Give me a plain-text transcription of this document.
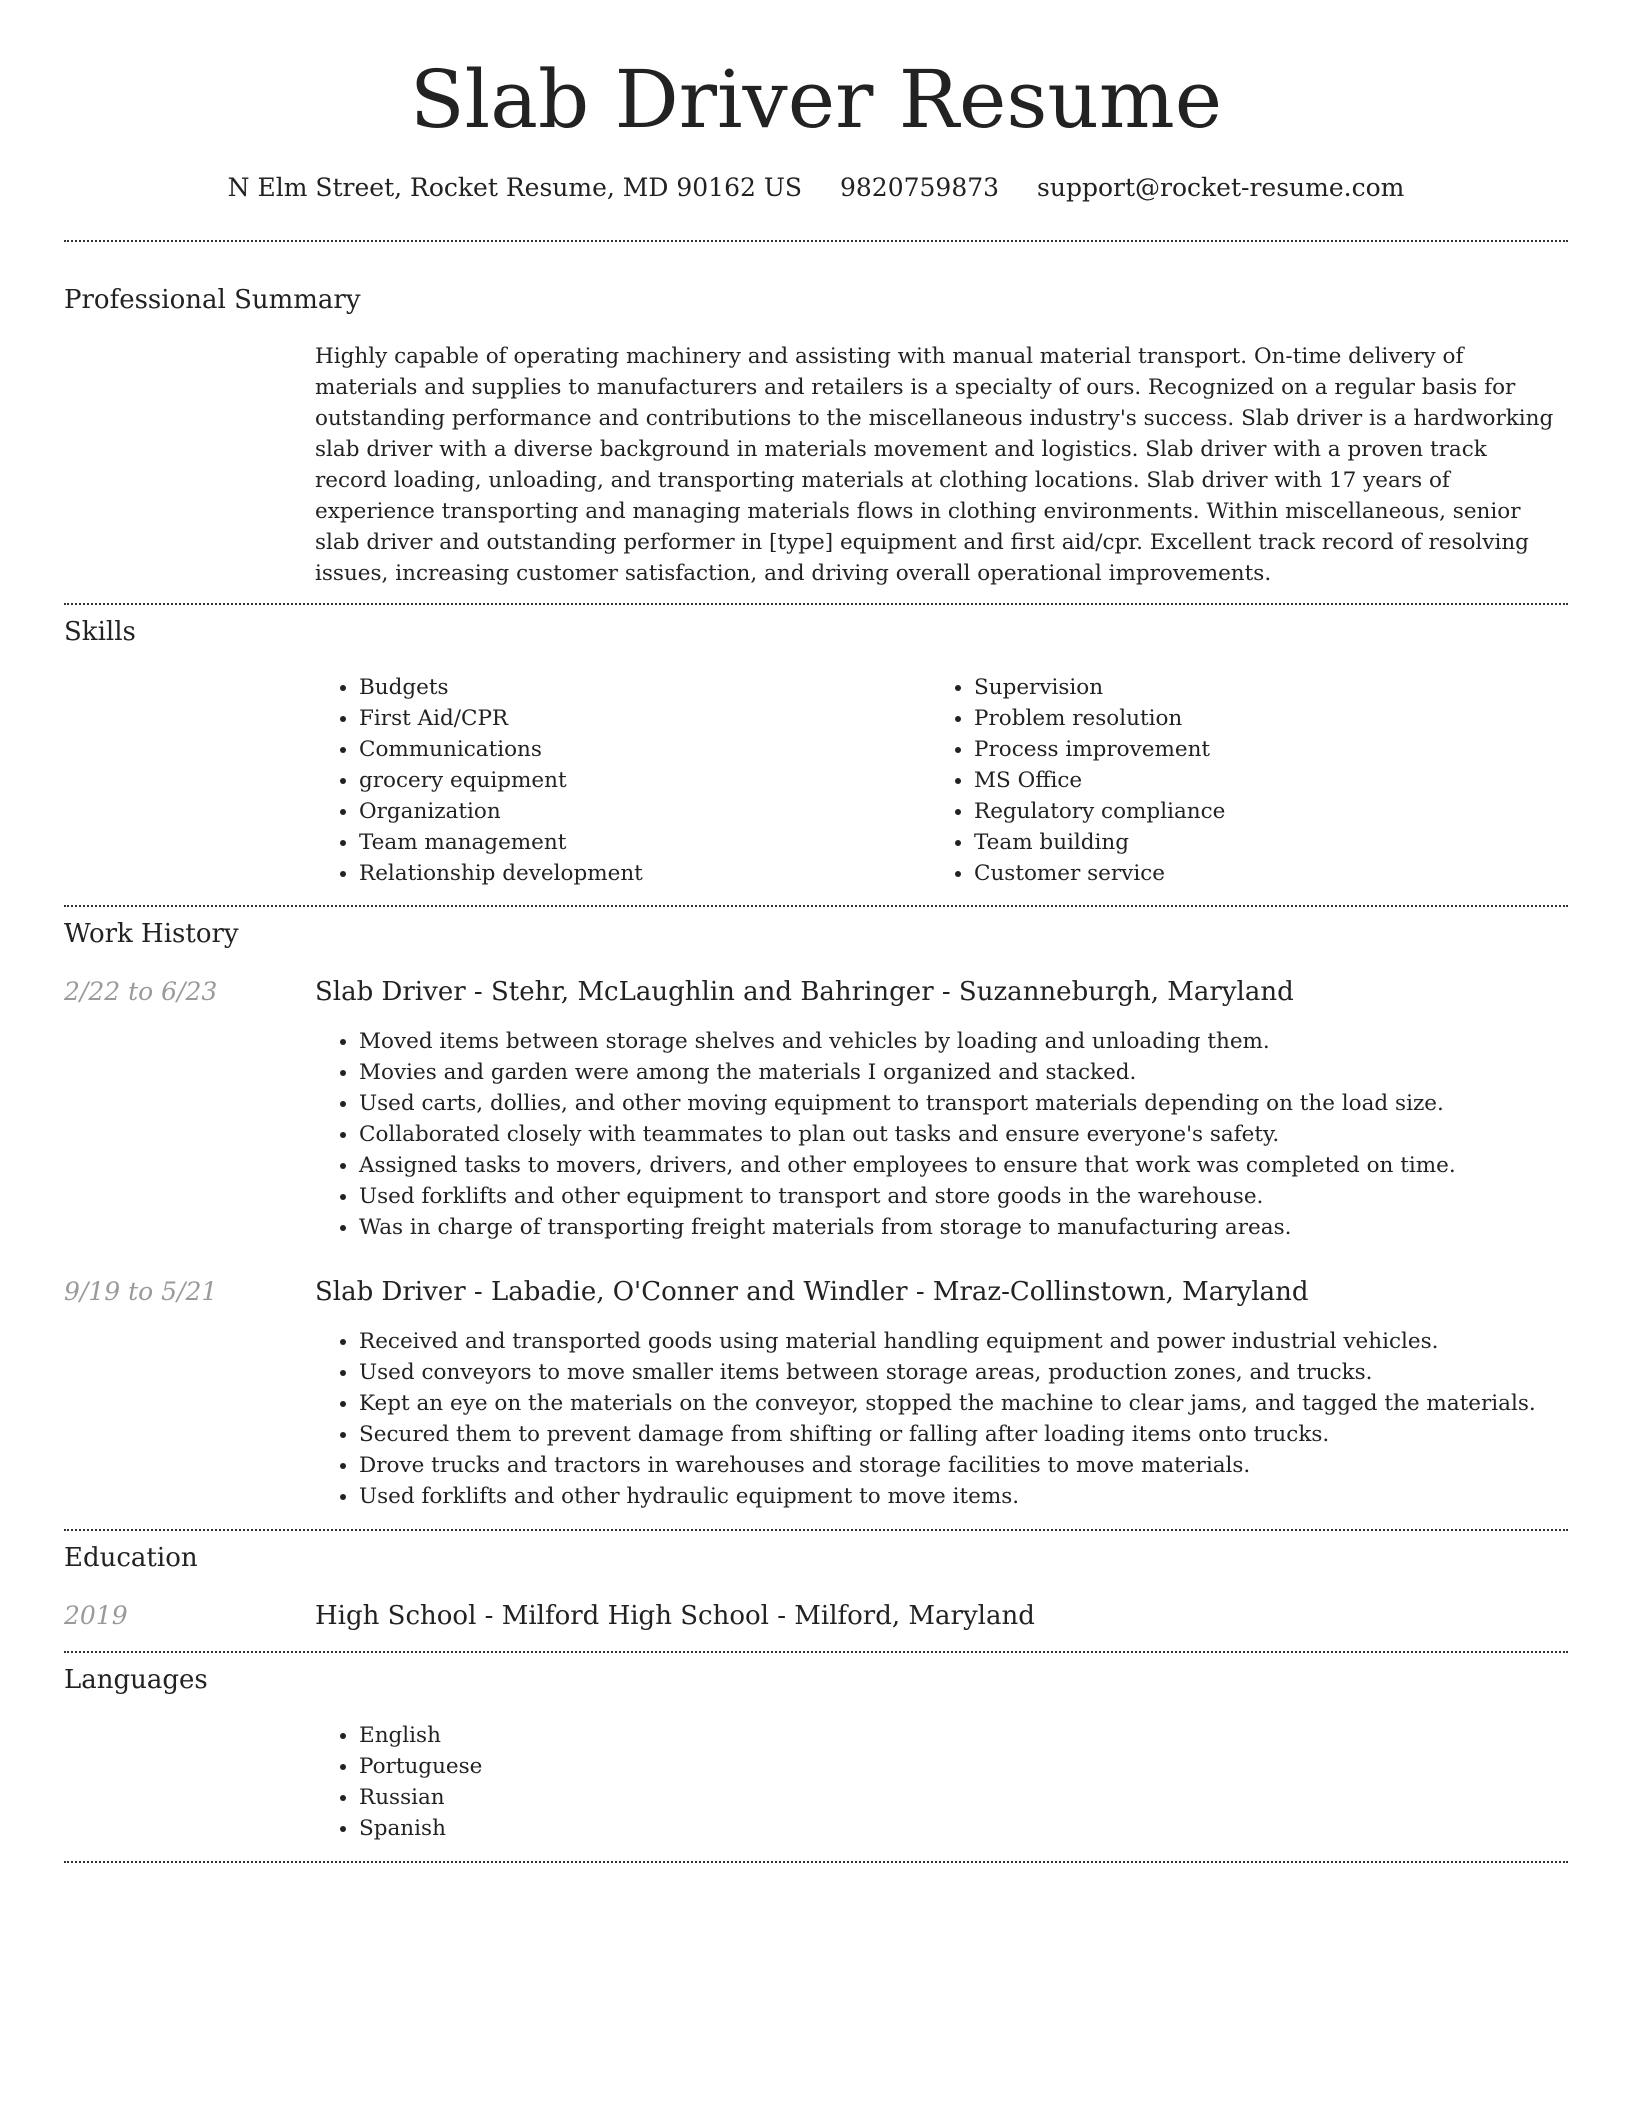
Slab Driver Resume
N Elm Street, Rocket Resume, MD 90162 US 9820759873 support@rocket-resume.com
Professional Summary

Highly capable of operating machinery and assisting with manual material transport. On-time delivery of materials and supplies to manufacturers and retailers is a specialty of ours. Recognized on a regular basis for outstanding performance and contributions to the miscellaneous industry's success. Slab driver is a hardworking slab driver with a diverse background in materials movement and logistics. Slab driver with a proven track record loading, unloading, and transporting materials at clothing locations. Slab driver with 17 years of experience transporting and managing materials flows in clothing environments. Within miscellaneous, senior slab driver and outstanding performer in [type] equipment and first aid/cpr. Excellent track record of resolving issues, increasing customer satisfaction, and driving overall operational improvements.

Skills
• Budgets
• First Aid/CPR
• Communications
• grocery equipment
• Organization
• Team management
• Relationship development
• Supervision
• Problem resolution
• Process improvement
• MS Office
• Regulatory compliance
• Team building
• Customer service
Work History
2/22 to 6/23	Slab Driver - Stehr, McLaughlin and Bahringer - Suzanneburgh, Maryland
• Moved items between storage shelves and vehicles by loading and unloading them.
• Movies and garden were among the materials I organized and stacked.
• Used carts, dollies, and other moving equipment to transport materials depending on the load size.
• Collaborated closely with teammates to plan out tasks and ensure everyone's safety.
• Assigned tasks to movers, drivers, and other employees to ensure that work was completed on time.
• Used forklifts and other equipment to transport and store goods in the warehouse.
• Was in charge of transporting freight materials from storage to manufacturing areas.
9/19 to 5/21	Slab Driver - Labadie, O'Conner and Windler - Mraz-Collinstown, Maryland
• Received and transported goods using material handling equipment and power industrial vehicles.
• Used conveyors to move smaller items between storage areas, production zones, and trucks.
• Kept an eye on the materials on the conveyor, stopped the machine to clear jams, and tagged the materials.
• Secured them to prevent damage from shifting or falling after loading items onto trucks.
• Drove trucks and tractors in warehouses and storage facilities to move materials.
• Used forklifts and other hydraulic equipment to move items.
Education
2019	High School - Milford High School - Milford, Maryland
Languages
• English
• Portuguese
• Russian
• Spanish
